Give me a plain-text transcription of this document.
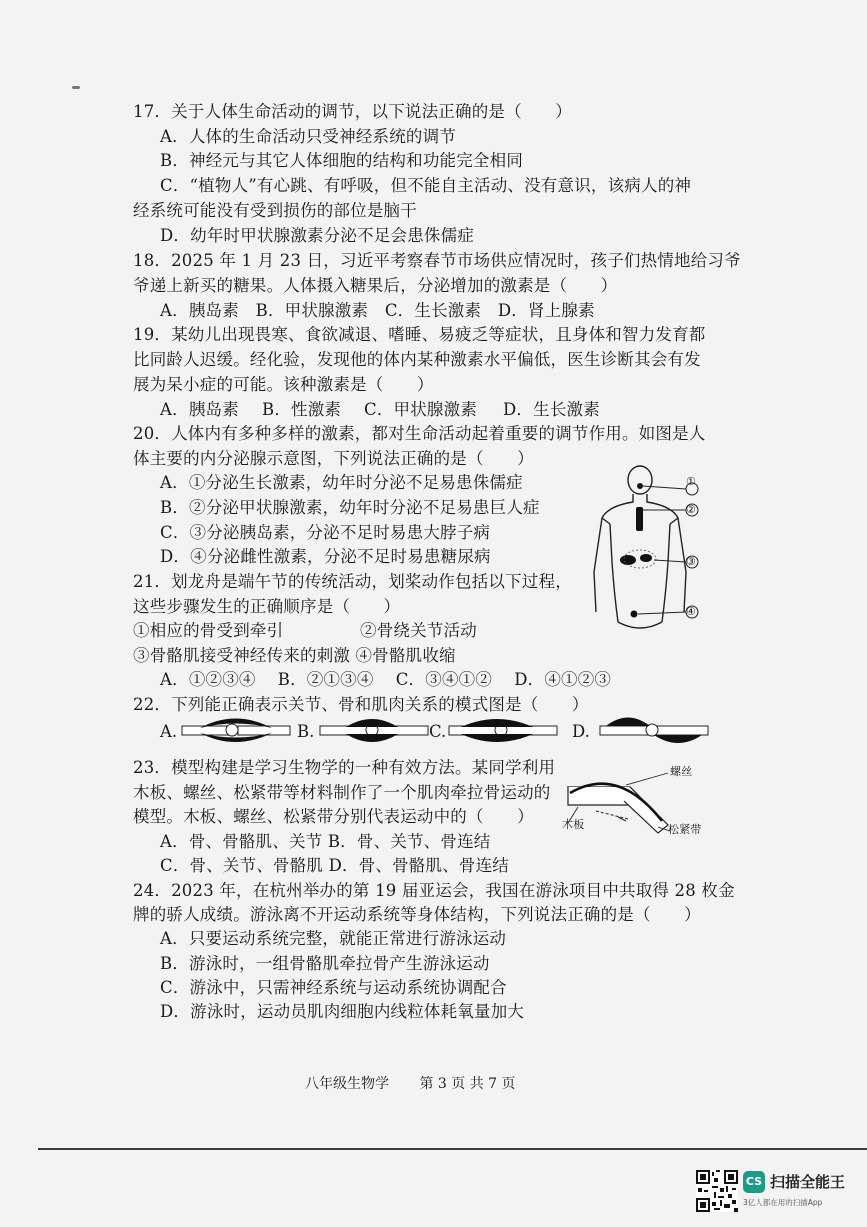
17．关于人体生命活动的调节，以下说法正确的是（　　）
A．人体的生命活动只受神经系统的调节
B．神经元与其它人体细胞的结构和功能完全相同
C．“植物人”有心跳、有呼吸，但不能自主活动、没有意识，该病人的神
经系统可能没有受到损伤的部位是脑干
D．幼年时甲状腺激素分泌不足会患侏儒症
18．2025 年 1 月 23 日，习近平考察春节市场供应情况时，孩子们热情地给习爷
爷递上新买的糖果。人体摄入糖果后，分泌增加的激素是（　　）
A．胰岛素　B．甲状腺激素　C．生长激素　D．肾上腺素
19．某幼儿出现畏寒、食欲减退、嗜睡、易疲乏等症状，且身体和智力发育都
比同龄人迟缓。经化验，发现他的体内某种激素水平偏低，医生诊断其会有发
展为呆小症的可能。该种激素是（　　）
A．胰岛素 B．性激素 C．甲状腺激素 D．生长激素
20．人体内有多种多样的激素，都对生命活动起着重要的调节作用。如图是人
体主要的内分泌腺示意图，下列说法正确的是（　　）
A．①分泌生长激素，幼年时分泌不足易患侏儒症
B．②分泌甲状腺激素，幼年时分泌不足易患巨人症
C．③分泌胰岛素，分泌不足时易患大脖子病
D．④分泌雌性激素，分泌不足时易患糖尿病
①
②
③
④
21．划龙舟是端午节的传统活动，划桨动作包括以下过程，
这些步骤发生的正确顺序是（　　）
①相应的骨受到牵引	②骨绕关节活动
③骨骼肌接受神经传来的刺激 ④骨骼肌收缩
A．①②③④　 B．②①③④　 C．③④①②　 D．④①②③
22．下列能正确表示关节、骨和肌肉关系的模式图是（　　）
A.	B.	C.	D.
23．模型构建是学习生物学的一种有效方法。某同学利用
木板、螺丝、松紧带等材料制作了一个肌肉牵拉骨运动的
模型。木板、螺丝、松紧带分别代表运动中的（　　）
A．骨、骨骼肌、关节 B．骨、关节、骨连结
C．骨、关节、骨骼肌 D．骨、骨骼肌、骨连结
螺丝
木板	松紧带
24．2023 年，在杭州举办的第 19 届亚运会，我国在游泳项目中共取得 28 枚金
牌的骄人成绩。游泳离不开运动系统等身体结构，下列说法正确的是（　　）
A．只要运动系统完整，就能正常进行游泳运动
B．游泳时，一组骨骼肌牵拉骨产生游泳运动
C．游泳中，只需神经系统与运动系统协调配合
D．游泳时，运动员肌肉细胞内线粒体耗氧量加大
八年级生物学 第 3 页 共 7 页
CS 扫描全能王
3亿人都在用的扫描App
